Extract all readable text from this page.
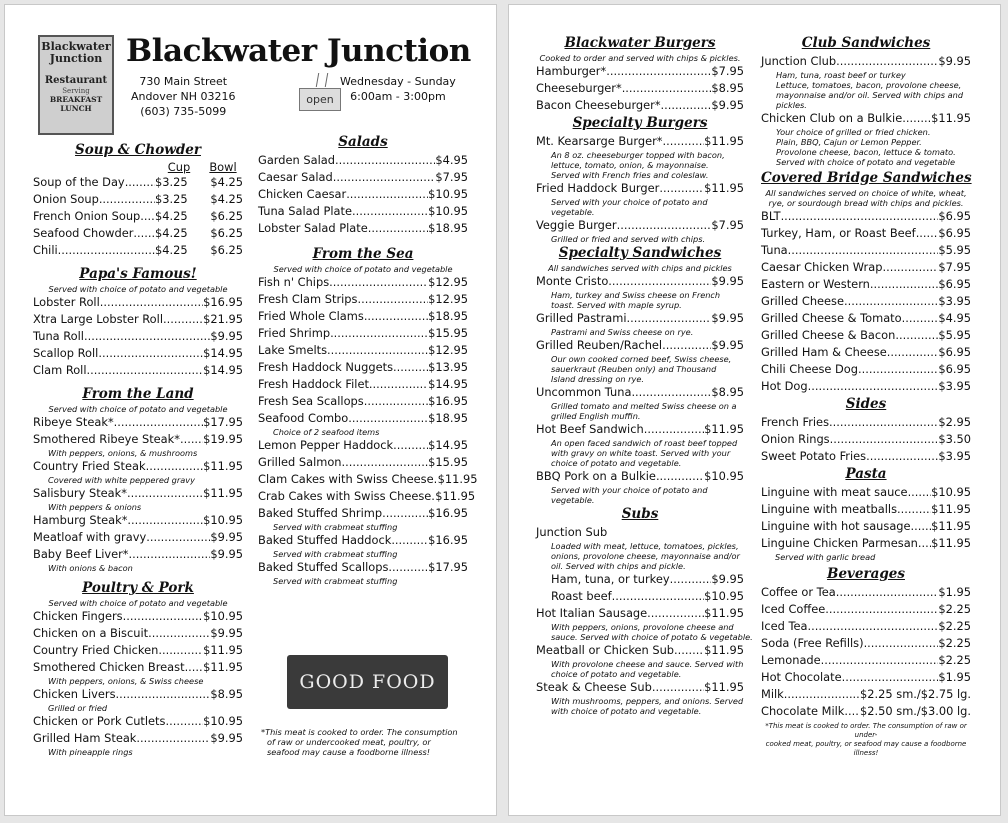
Blackwater
Junction
Restaurant
Serving
BREAKFAST
LUNCH
Blackwater Junction
730 Main Street
Andover NH 03216
(603) 735-5099
Wednesday - Sunday
6:00am - 3:00pm
open
Soup & Chowder
Cup	Bowl
Soup of the Day .....	$3.25	$4.25
Onion Soup .....	$3.25	$4.25
French Onion Soup ..... $4.25	$6.25
Seafood Chowder ..... $4.25	$6.25
Chili .....	$4.25	$6.25
Papa's Famous!
Served with choice of potato and vegetable
Lobster Roll .....	$16.95
Xtra Large Lobster Roll .....	$21.95
Tuna Roll .....	$9.95
Scallop Roll .....	$14.95
Clam Roll .....	$14.95
From the Land
Served with choice of potato and vegetable
Ribeye Steak* .....	$17.95
Smothered Ribeye Steak* ..... $19.95
With peppers, onions, & mushrooms
Country Fried Steak .....	$11.95
Covered with white peppered gravy
Salisbury Steak* .....	$11.95
With peppers & onions
Hamburg Steak* .....	$10.95
Meatloaf with gravy .....	$9.95
Baby Beef Liver* .....	$9.95
With onions & bacon
Poultry & Pork
Served with choice of potato and vegetable
Chicken Fingers .....	$10.95
Chicken on a Biscuit .....	$9.95
Country Fried Chicken .....	$11.95
Smothered Chicken Breast ..... $11.95
With peppers, onions, & Swiss cheese
Chicken Livers .....	$8.95
Grilled or fried
Chicken or Pork Cutlets .....	$10.95
Grilled Ham Steak .....	$9.95
With pineapple rings
Salads
Garden Salad .....	$4.95
Caesar Salad .....	$7.95
Chicken Caesar .....	$10.95
Tuna Salad Plate .....	$10.95
Lobster Salad Plate .....	$18.95
From the Sea
Served with choice of potato and vegetable
Fish n' Chips .....	$12.95
Fresh Clam Strips .....	$12.95
Fried Whole Clams .....	$18.95
Fried Shrimp .....	$15.95
Lake Smelts .....	$12.95
Fresh Haddock Nuggets .....	$13.95
Fresh Haddock Filet .....	$14.95
Fresh Sea Scallops .....	$16.95
Seafood Combo .....	$18.95
Choice of 2 seafood items
Lemon Pepper Haddock .....	$14.95
Grilled Salmon .....	$15.95
Clam Cakes with Swiss Cheese ..... $11.95
Crab Cakes with Swiss Cheese ..... $11.95
Baked Stuffed Shrimp .....	$16.95
Served with crabmeat stuffing
Baked Stuffed Haddock .....	$16.95
Served with crabmeat stuffing
Baked Stuffed Scallops .....	$17.95
Served with crabmeat stuffing
GOOD FOOD
*This meat is cooked to order. The consumption
of raw or undercooked meat, poultry, or
seafood may cause a foodborne illness!
Blackwater Burgers
Cooked to order and served with chips & pickles.
Hamburger* .....	$7.95
Cheeseburger* .....	$8.95
Bacon Cheeseburger* .....	$9.95
Specialty Burgers
Mt. Kearsarge Burger* .....	$11.95
An 8 oz. cheeseburger topped with bacon,
lettuce, tomato, onion, & mayonnaise.
Served with French fries and coleslaw.
Fried Haddock Burger .....	$11.95
Served with your choice of potato and
vegetable.
Veggie Burger .....	$7.95
Grilled or fried and served with chips.
Specialty Sandwiches
All sandwiches served with chips and pickles
Monte Cristo .....	$9.95
Ham, turkey and Swiss cheese on French
toast. Served with maple syrup.
Grilled Pastrami .....	$9.95
Pastrami and Swiss cheese on rye.
Grilled Reuben/Rachel .....	$9.95
Our own cooked corned beef, Swiss cheese,
sauerkraut (Reuben only) and Thousand
Island dressing on rye.
Uncommon Tuna .....	$8.95
Grilled tomato and melted Swiss cheese on a
grilled English muffin.
Hot Beef Sandwich .....	$11.95
An open faced sandwich of roast beef topped
with gravy on white toast. Served with your
choice of potato and vegetable.
BBQ Pork on a Bulkie .....	$10.95
Served with your choice of potato and
vegetable.
Subs
Junction Sub
Loaded with meat, lettuce, tomatoes, pickles,
onions, provolone cheese, mayonnaise and/or
oil. Served with chips and pickle.
Ham, tuna, or turkey .....	$9.95
Roast beef .....	$10.95
Hot Italian Sausage .....	$11.95
With peppers, onions, provolone cheese and
sauce. Served with choice of potato & vegetable.
Meatball or Chicken Sub .....	$11.95
With provolone cheese and sauce. Served with
choice of potato and vegetable.
Steak & Cheese Sub .....	$11.95
With mushrooms, peppers, and onions. Served
with choice of potato and vegetable.
Club Sandwiches
Junction Club .....	$9.95
Ham, tuna, roast beef or turkey
Lettuce, tomatoes, bacon, provolone cheese,
mayonnaise and/or oil. Served with chips and
pickles.
Chicken Club on a Bulkie .....	$11.95
Your choice of grilled or fried chicken.
Plain, BBQ, Cajun or Lemon Pepper.
Provolone cheese, bacon, lettuce & tomato.
Served with choice of potato and vegetable
Covered Bridge Sandwiches
All sandwiches served on choice of white, wheat,
rye, or sourdough bread with chips and pickles.
BLT .....	$6.95
Turkey, Ham, or Roast Beef ..... $6.95
Tuna .....	$5.95
Caesar Chicken Wrap .....	$7.95
Eastern or Western .....	$6.95
Grilled Cheese .....	$3.95
Grilled Cheese & Tomato .....	$4.95
Grilled Cheese & Bacon .....	$5.95
Grilled Ham & Cheese .....	$6.95
Chili Cheese Dog .....	$6.95
Hot Dog .....	$3.95
Sides
French Fries .....	$2.95
Onion Rings .....	$3.50
Sweet Potato Fries .....	$3.95
Pasta
Linguine with meat sauce ..... $10.95
Linguine with meatballs .....	$11.95
Linguine with hot sausage ..... $11.95
Linguine Chicken Parmesan ..... $11.95
Served with garlic bread
Beverages
Coffee or Tea .....	$1.95
Iced Coffee .....	$2.25
Iced Tea .....	$2.25
Soda (Free Refills) .....	$2.25
Lemonade .....	$2.25
Hot Chocolate .....	$1.95
Milk .....	$2.25 sm./$2.75 lg.
Chocolate Milk ..... $2.50 sm./$3.00 lg.
*This meat is cooked to order. The consumption of raw or under-
cooked meat, poultry, or seafood may cause a foodborne illness!
